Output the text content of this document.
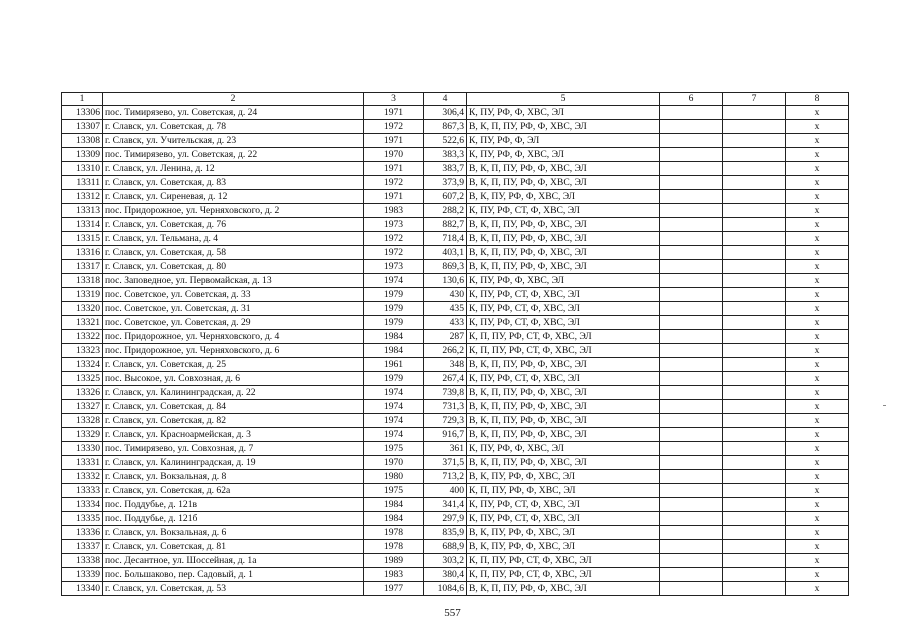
1	2	3	4	5	6	7	8
13306	пос. Тимирязево, ул. Советская, д. 24	1971	306,4	К, ПУ, РФ, Ф, ХВС, ЭЛ			x
13307	г. Славск, ул. Советская, д. 78	1972	867,3	В, К, П, ПУ, РФ, Ф, ХВС, ЭЛ			x
13308	г. Славск, ул. Учительская, д. 23	1971	522,6	К, ПУ, РФ, Ф, ЭЛ			x
13309	пос. Тимирязево, ул. Советская, д. 22	1970	383,3	К, ПУ, РФ, Ф, ХВС, ЭЛ			x
13310	г. Славск, ул. Ленина, д. 12	1971	383,7	В, К, П, ПУ, РФ, Ф, ХВС, ЭЛ			x
13311	г. Славск, ул. Советская, д. 83	1972	373,9	В, К, П, ПУ, РФ, Ф, ХВС, ЭЛ			x
13312	г. Славск, ул. Сиреневая, д. 12	1971	607,2	В, К, ПУ, РФ, Ф, ХВС, ЭЛ			x
13313	пос. Придорожное, ул. Черняховского, д. 2	1983	288,2	К, ПУ, РФ, СТ, Ф, ХВС, ЭЛ			x
13314	г. Славск, ул. Советская, д. 76	1973	882,7	В, К, П, ПУ, РФ, Ф, ХВС, ЭЛ			x
13315	г. Славск, ул. Тельмана, д. 4	1972	718,4	В, К, П, ПУ, РФ, Ф, ХВС, ЭЛ			x
13316	г. Славск, ул. Советская, д. 58	1972	403,1	В, К, П, ПУ, РФ, Ф, ХВС, ЭЛ			x
13317	г. Славск, ул. Советская, д. 80	1973	869,3	В, К, П, ПУ, РФ, Ф, ХВС, ЭЛ			x
13318	пос. Заповедное, ул. Первомайская, д. 13	1974	130,6	К, ПУ, РФ, Ф, ХВС, ЭЛ			x
13319	пос. Советское, ул. Советская, д. 33	1979	430	К, ПУ, РФ, СТ, Ф, ХВС, ЭЛ			x
13320	пос. Советское, ул. Советская, д. 31	1979	435	К, ПУ, РФ, СТ, Ф, ХВС, ЭЛ			x
13321	пос. Советское, ул. Советская, д. 29	1979	433	К, ПУ, РФ, СТ, Ф, ХВС, ЭЛ			x
13322	пос. Придорожное, ул. Черняховского, д. 4	1984	287	К, П, ПУ, РФ, СТ, Ф, ХВС, ЭЛ			x
13323	пос. Придорожное, ул. Черняховского, д. 6	1984	266,2	К, П, ПУ, РФ, СТ, Ф, ХВС, ЭЛ			x
13324	г. Славск, ул. Советская, д. 25	1961	348	В, К, П, ПУ, РФ, Ф, ХВС, ЭЛ			x
13325	пос. Высокое, ул. Совхозная, д. 6	1979	267,4	К, ПУ, РФ, СТ, Ф, ХВС, ЭЛ			x
13326	г. Славск, ул. Калининградская, д. 22	1974	739,8	В, К, П, ПУ, РФ, Ф, ХВС, ЭЛ			x
13327	г. Славск, ул. Советская, д. 84	1974	731,3	В, К, П, ПУ, РФ, Ф, ХВС, ЭЛ			x
13328	г. Славск, ул. Советская, д. 82	1974	729,3	В, К, П, ПУ, РФ, Ф, ХВС, ЭЛ			x
13329	г. Славск, ул. Красноармейская, д. 3	1974	916,7	В, К, П, ПУ, РФ, Ф, ХВС, ЭЛ			x
13330	пос. Тимирязево, ул. Совхозная, д. 7	1975	361	К, ПУ, РФ, Ф, ХВС, ЭЛ			x
13331	г. Славск, ул. Калининградская, д. 19	1970	371,5	В, К, П, ПУ, РФ, Ф, ХВС, ЭЛ			x
13332	г. Славск, ул. Вокзальная, д. 8	1980	713,2	В, К, ПУ, РФ, Ф, ХВС, ЭЛ			x
13333	г. Славск, ул. Советская, д. 62а	1975	400	К, П, ПУ, РФ, Ф, ХВС, ЭЛ			x
13334	пос. Поддубье, д. 121в	1984	341,4	К, ПУ, РФ, СТ, Ф, ХВС, ЭЛ			x
13335	пос. Поддубье, д. 121б	1984	297,9	К, ПУ, РФ, СТ, Ф, ХВС, ЭЛ			x
13336	г. Славск, ул. Вокзальная, д. 6	1978	835,9	В, К, ПУ, РФ, Ф, ХВС, ЭЛ			x
13337	г. Славск, ул. Советская, д. 81	1978	688,9	В, К, ПУ, РФ, Ф, ХВС, ЭЛ			x
13338	пос. Десантное, ул. Шоссейная, д. 1а	1989	303,2	К, П, ПУ, РФ, СТ, Ф, ХВС, ЭЛ			x
13339	пос. Большаково, пер. Садовый, д. 1	1983	380,4	К, П, ПУ, РФ, СТ, Ф, ХВС, ЭЛ			x
13340	г. Славск, ул. Советская, д. 53	1977	1084,6	В, К, П, ПУ, РФ, Ф, ХВС, ЭЛ			x
557
